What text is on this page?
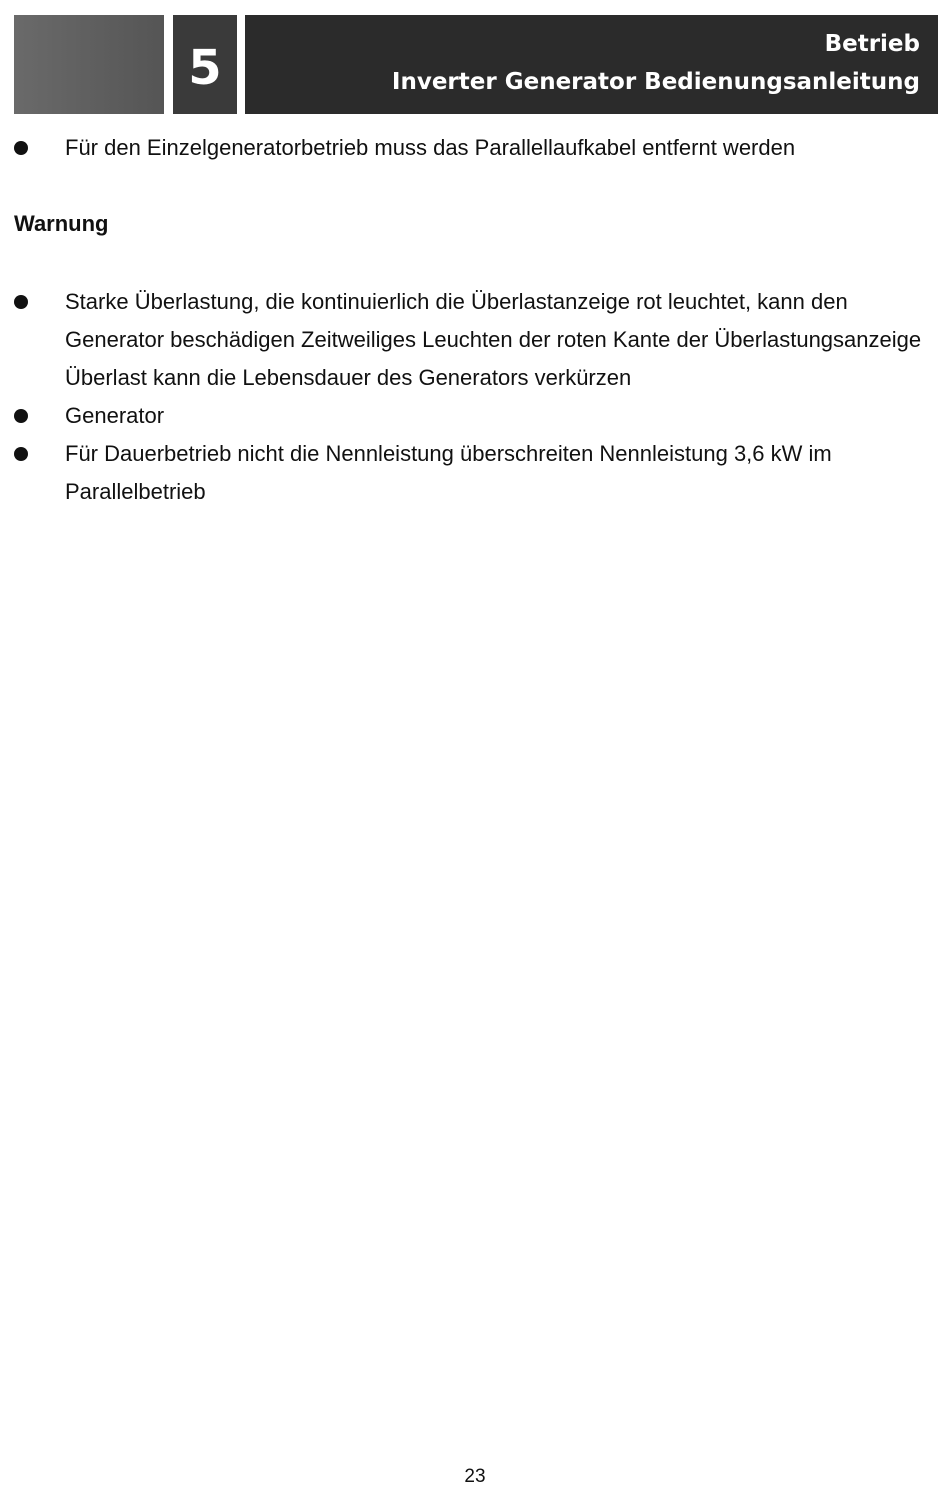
5	Betrieb
Inverter Generator Bedienungsanleitung
Für den Einzelgeneratorbetrieb muss das Parallellaufkabel entfernt werden
Warnung
Starke Überlastung, die kontinuierlich die Überlastanzeige rot leuchtet, kann den Generator beschädigen Zeitweiliges Leuchten der roten Kante der Überlastungsanzeige Überlast kann die Lebensdauer des Generators verkürzen
Generator
Für Dauerbetrieb nicht die Nennleistung überschreiten Nennleistung 3,6 kW im Parallelbetrieb
23
